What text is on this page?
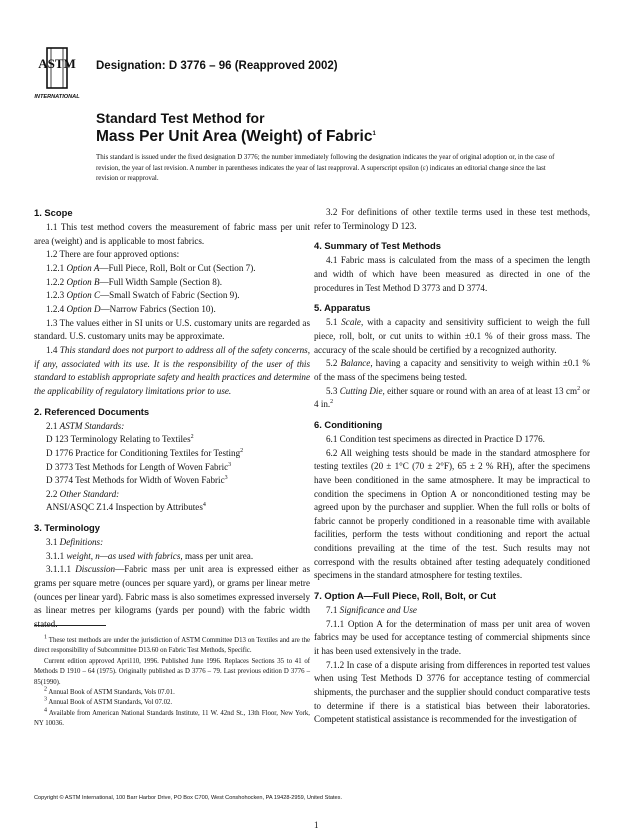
ASTM
INTERNATIONAL
Designation: D 3776 – 96 (Reapproved 2002)
Standard Test Method for
Mass Per Unit Area (Weight) of Fabric$^1$
This standard is issued under the fixed designation D 3776; the number immediately following the designation indicates the year of original adoption or, in the case of revision, the year of last revision. A number in parentheses indicates the year of last reapproval. A superscript epsilon (ε) indicates an editorial change since the last revision or reapproval.
1. Scope

1.1 This test method covers the measurement of fabric mass per unit area (weight) and is applicable to most fabrics.

1.2 There are four approved options:

1.2.1 Option A—Full Piece, Roll, Bolt or Cut (Section 7).

1.2.2 Option B—Full Width Sample (Section 8).

1.2.3 Option C—Small Swatch of Fabric (Section 9).

1.2.4 Option D—Narrow Fabrics (Section 10).

1.3 The values either in SI units or U.S. customary units are regarded as standard. U.S. customary units may be approximate.

1.4 This standard does not purport to address all of the safety concerns, if any, associated with its use. It is the responsibility of the user of this standard to establish appropriate safety and health practices and determine the applicability of regulatory limitations prior to use.

2. Referenced Documents

2.1 ASTM Standards:

D 123 Terminology Relating to Textiles$^2$

D 1776 Practice for Conditioning Textiles for Testing$^2$

D 3773 Test Methods for Length of Woven Fabric$^3$

D 3774 Test Methods for Width of Woven Fabric$^3$

2.2 Other Standard:

ANSI/ASQC Z1.4 Inspection by Attributes$^4$

3. Terminology

3.1 Definitions:

3.1.1 weight, n—as used with fabrics, mass per unit area.

3.1.1.1 Discussion—Fabric mass per unit area is expressed either as grams per square metre (ounces per square yard), or grams per linear metre (ounces per linear yard). Fabric mass is also sometimes expressed inversely as linear metres per kilograms (yards per pound) with the fabric width stated.

$^1$ These test methods are under the jurisdiction of ASTM Committee D13 on Textiles and are the direct responsibility of Subcommittee D13.60 on Fabric Test Methods, Specific.

Current edition approved Apri110, 1996. Published June 1996. Replaces Sections 35 to 41 of Methods D 1910 – 64 (1975). Originally published as D 3776 – 79. Last previous edition D 3776 – 85(1990).

$^2$ Annual Book of ASTM Standards, Vols 07.01.

$^3$ Annual Book of ASTM Standards, Vol 07.02.

$^4$ Available from American National Standards Institute, 11 W. 42nd St., 13th Floor, New York, NY 10036.

3.2 For definitions of other textile terms used in these test methods, refer to Terminology D 123.

4. Summary of Test Methods

4.1 Fabric mass is calculated from the mass of a specimen the length and width of which have been measured as directed in one of the procedures in Test Method D 3773 and D 3774.

5. Apparatus

5.1 Scale, with a capacity and sensitivity sufficient to weigh the full piece, roll, bolt, or cut units to within ±0.1 % of their gross mass. The accuracy of the scale should be certified by a recognized authority.

5.2 Balance, having a capacity and sensitivity to weigh within ±0.1 % of the mass of the specimens being tested.

5.3 Cutting Die, either square or round with an area of at least 13 $cm^2$ or 4 in.$^2$

6. Conditioning

6.1 Condition test specimens as directed in Practice D 1776.

6.2 All weighing tests should be made in the standard atmosphere for testing textiles (20 ± 1°C (70 ± 2°F), 65 ± 2 % RH), after the specimens have been conditioned in the same atmosphere. It may be impractical to condition the specimens in Option A or nonconditioned testing may be agreed upon by the purchaser and supplier. When the full rolls or bolts of fabric cannot be properly conditioned in a reasonable time with available facilities, perform the tests without conditioning and report the actual conditions prevailing at the time of the test. Such results may not correspond with the results obtained after testing adequately conditioned specimens in the standard atmosphere for testing textiles.

7. Option A—Full Piece, Roll, Bolt, or Cut

7.1 Significance and Use

7.1.1 Option A for the determination of mass per unit area of woven fabrics may be used for acceptance testing of commercial shipments since it has been used extensively in the trade.

7.1.2 In case of a dispute arising from differences in reported test values when using Test Methods D 3776 for acceptance testing of commercial shipments, the purchaser and the supplier should conduct comparative tests to determine if there is a statistical bias between their laboratories. Competent statistical assistance is recommended for the investigation of

Copyright © ASTM International, 100 Barr Harbor Drive, PO Box C700, West Conshohocken, PA 19428-2959, United States.
1
